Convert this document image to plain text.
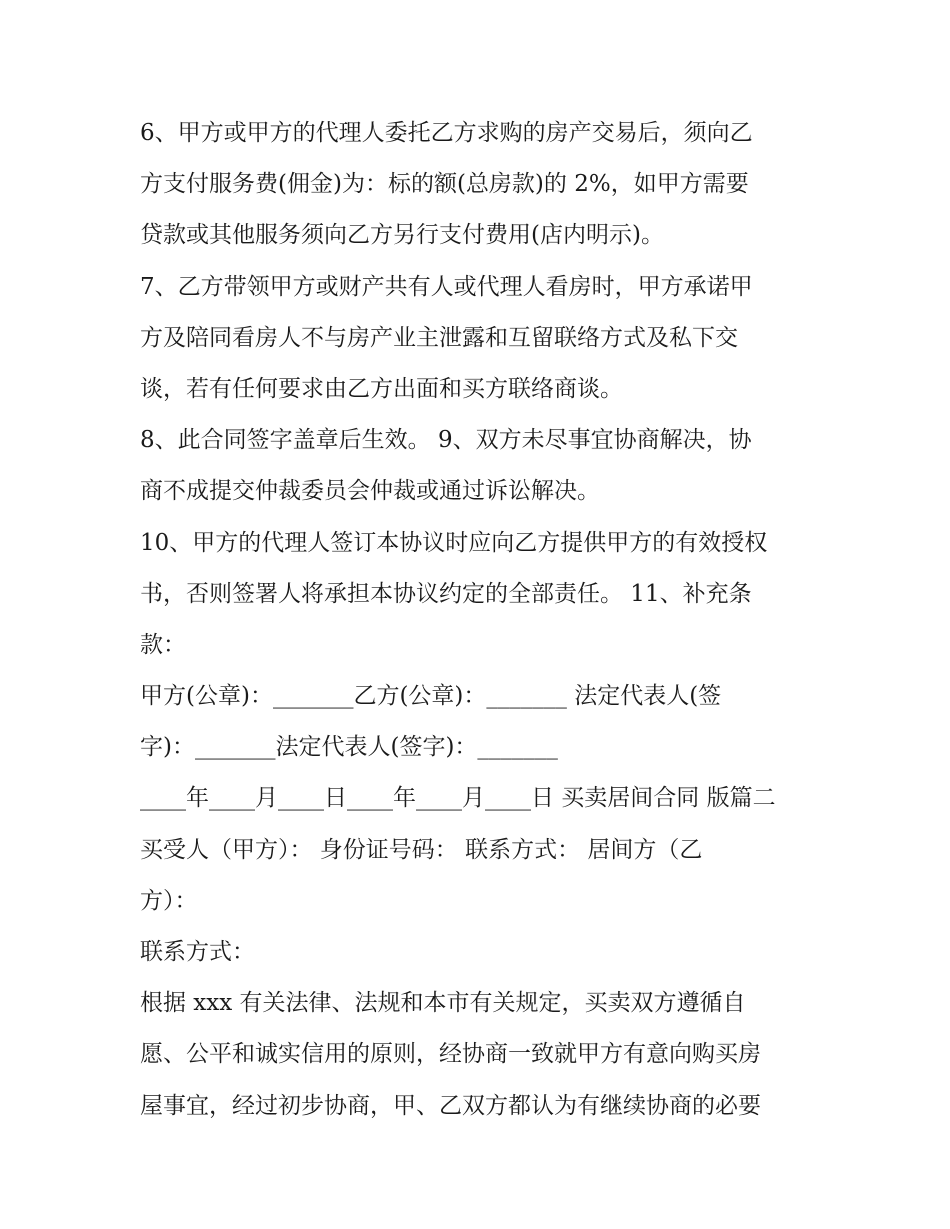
6、甲方或甲方的代理人委托乙方求购的房产交易后，须向乙
方支付服务费(佣金)为：标的额(总房款)的 2%，如甲方需要
贷款或其他服务须向乙方另行支付费用(店内明示)。
7、乙方带领甲方或财产共有人或代理人看房时，甲方承诺甲
方及陪同看房人不与房产业主泄露和互留联络方式及私下交
谈，若有任何要求由乙方出面和买方联络商谈。
8、此合同签字盖章后生效。 9、双方未尽事宜协商解决，协
商不成提交仲裁委员会仲裁或通过诉讼解决。
10、甲方的代理人签订本协议时应向乙方提供甲方的有效授权
书，否则签署人将承担本协议约定的全部责任。 11、补充条
款：
甲方(公章)：_______乙方(公章)：_______ 法定代表人(签
字)：_______法定代表人(签字)：_______
____年____月____日____年____月____日 买卖居间合同 版篇二
买受人（甲方）： 身份证号码： 联系方式： 居间方（乙
方）：
联系方式：
根据 xxx 有关法律、法规和本市有关规定，买卖双方遵循自
愿、公平和诚实信用的原则，经协商一致就甲方有意向购买房
屋事宜，经过初步协商，甲、乙双方都认为有继续协商的必要
